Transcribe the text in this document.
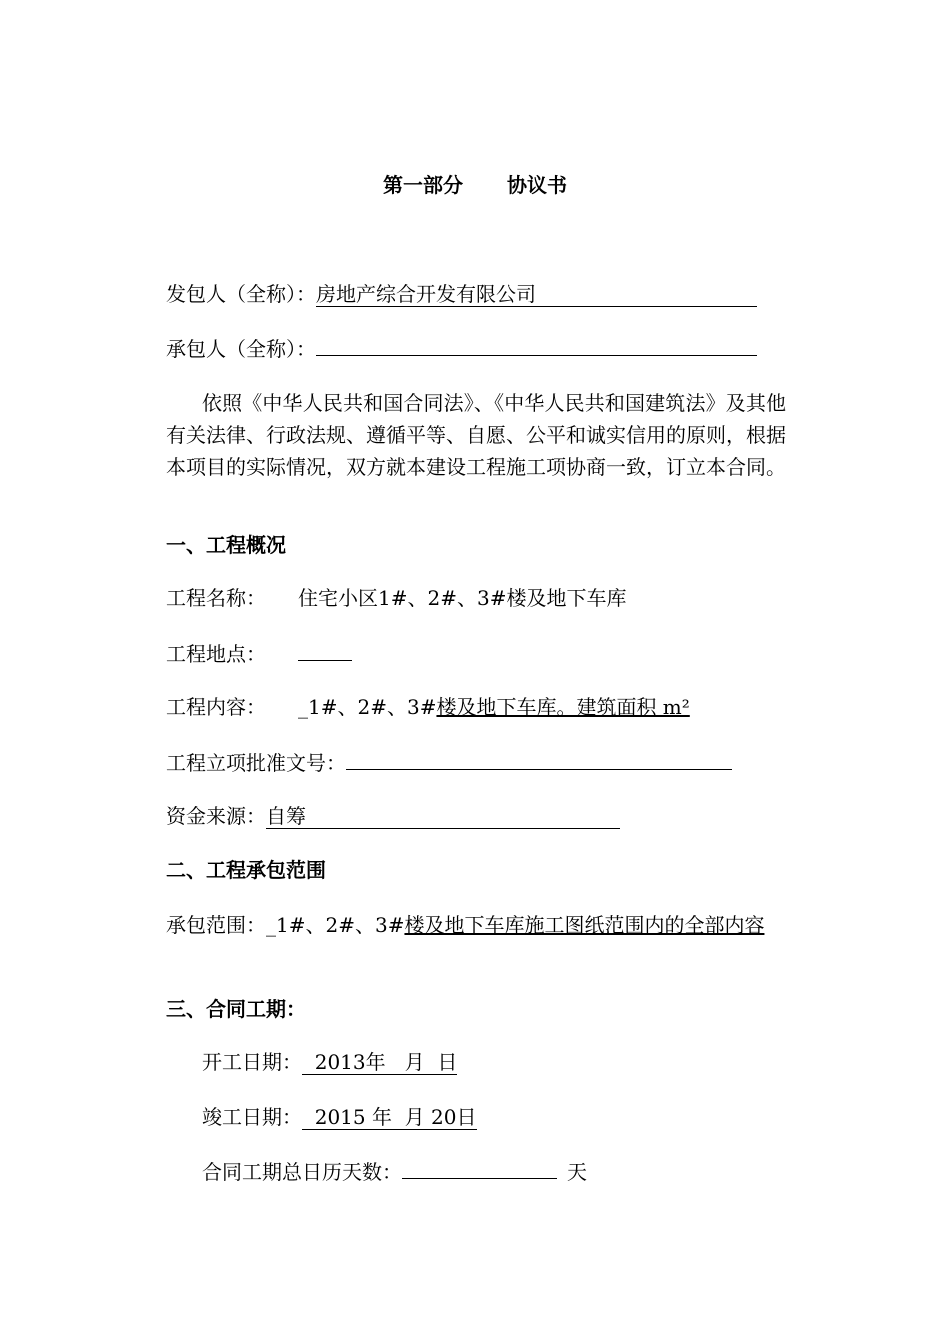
第一部分 协议书
发包人（全称）：房地产综合开发有限公司
承包人（全称）：
依照《中华人民共和国合同法》、《中华人民共和国建筑法》及其他有关法律、行政法规、遵循平等、自愿、公平和诚实信用的原则，根据本项目的实际情况，双方就本建设工程施工项协商一致，订立本合同。
一、工程概况
工程名称： 住宅小区1#、2#、3#楼及地下车库
工程地点：
工程内容： _1#、2#、3#楼及地下车库。建筑面积 m²
工程立项批准文号：
资金来源：自筹
二、工程承包范围
承包范围：_1#、2#、3#楼及地下车库施工图纸范围内的全部内容
三、合同工期：
开工日期：  2013年   月  日
竣工日期：  2015 年  月 20日
合同工期总日历天数：	天
